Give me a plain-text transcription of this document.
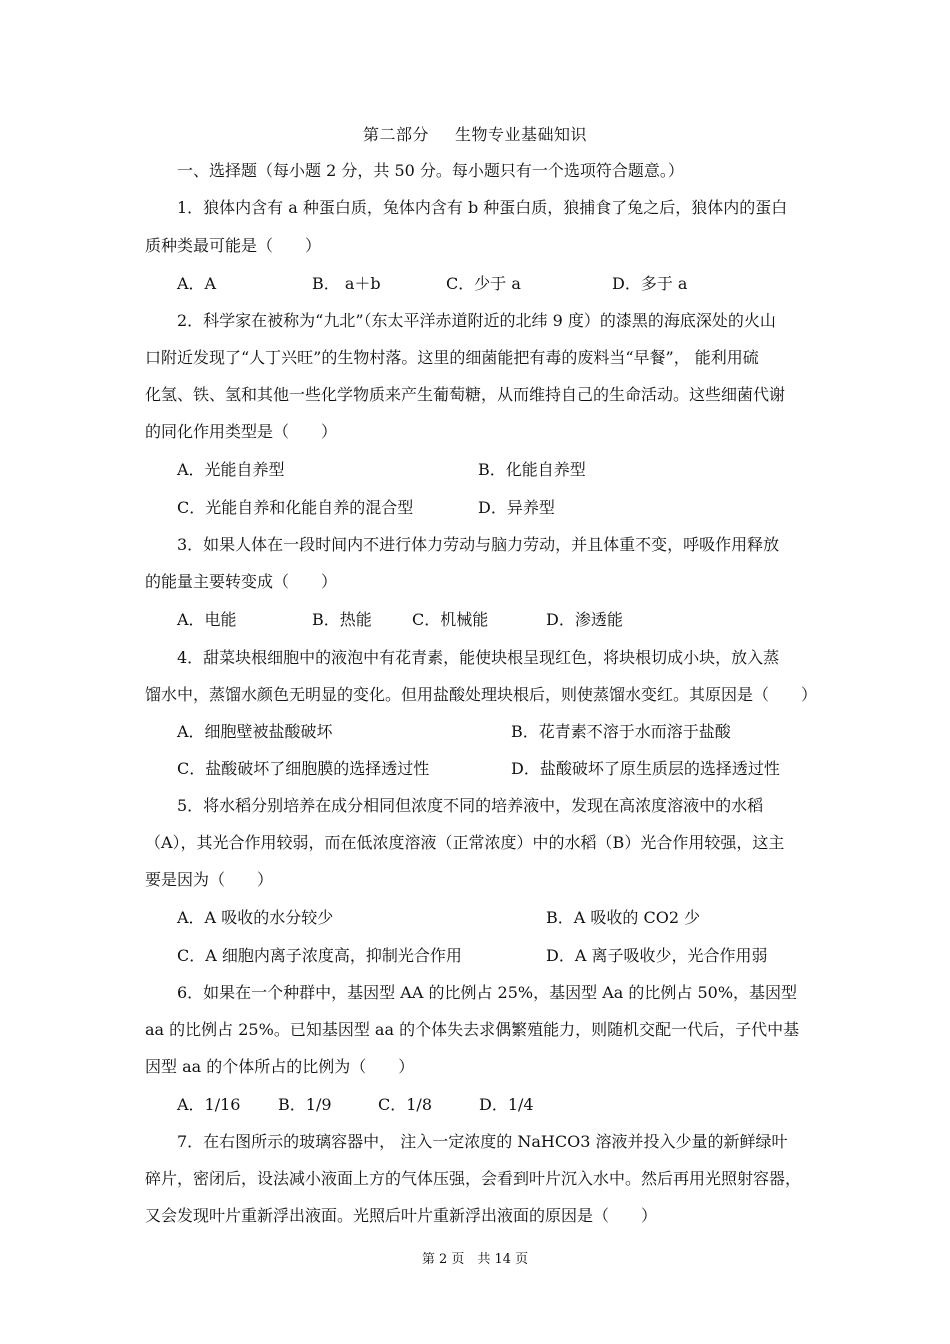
第二部分 生物专业基础知识
一、选择题（每小题 2 分，共 50 分。每小题只有一个选项符合题意。）
1．狼体内含有 a 种蛋白质，兔体内含有 b 种蛋白质，狼捕食了兔之后，狼体内的蛋白
质种类最可能是（　　）
A．A	B． a＋b	C．少于 a	D．多于 a
2．科学家在被称为“九北”（东太平洋赤道附近的北纬 9 度）的漆黑的海底深处的火山
口附近发现了“人丁兴旺”的生物村落。这里的细菌能把有毒的废料当“早餐”， 能利用硫
化氢、铁、氢和其他一些化学物质来产生葡萄糖，从而维持自己的生命活动。这些细菌代谢
的同化作用类型是（　　）
A．光能自养型	B．化能自养型
C．光能自养和化能自养的混合型	D．异养型
3．如果人体在一段时间内不进行体力劳动与脑力劳动，并且体重不变，呼吸作用释放
的能量主要转变成（　　）
A．电能	B．热能	C．机械能	D．渗透能
4．甜菜块根细胞中的液泡中有花青素，能使块根呈现红色，将块根切成小块，放入蒸
馏水中，蒸馏水颜色无明显的变化。但用盐酸处理块根后，则使蒸馏水变红。其原因是（　　）
A．细胞壁被盐酸破坏	B．花青素不溶于水而溶于盐酸
C．盐酸破坏了细胞膜的选择透过性	D．盐酸破坏了原生质层的选择透过性
5．将水稻分别培养在成分相同但浓度不同的培养液中，发现在高浓度溶液中的水稻
（A），其光合作用较弱，而在低浓度溶液（正常浓度）中的水稻（B）光合作用较强，这主
要是因为（　　）
A．A 吸收的水分较少	B．A 吸收的 CO2 少
C．A 细胞内离子浓度高，抑制光合作用	D．A 离子吸收少，光合作用弱
6．如果在一个种群中，基因型 AA 的比例占 25%，基因型 Aa 的比例占 50%，基因型
aa 的比例占 25%。已知基因型 aa 的个体失去求偶繁殖能力，则随机交配一代后，子代中基
因型 aa 的个体所占的比例为（　　）
A．1/16 B．1/9	C．1/8	D．1/4
7．在右图所示的玻璃容器中， 注入一定浓度的 NaHCO3 溶液并投入少量的新鲜绿叶
碎片，密闭后，设法减小液面上方的气体压强，会看到叶片沉入水中。然后再用光照射容器，
又会发现叶片重新浮出液面。光照后叶片重新浮出液面的原因是（　　）
第 2 页　共 14 页
